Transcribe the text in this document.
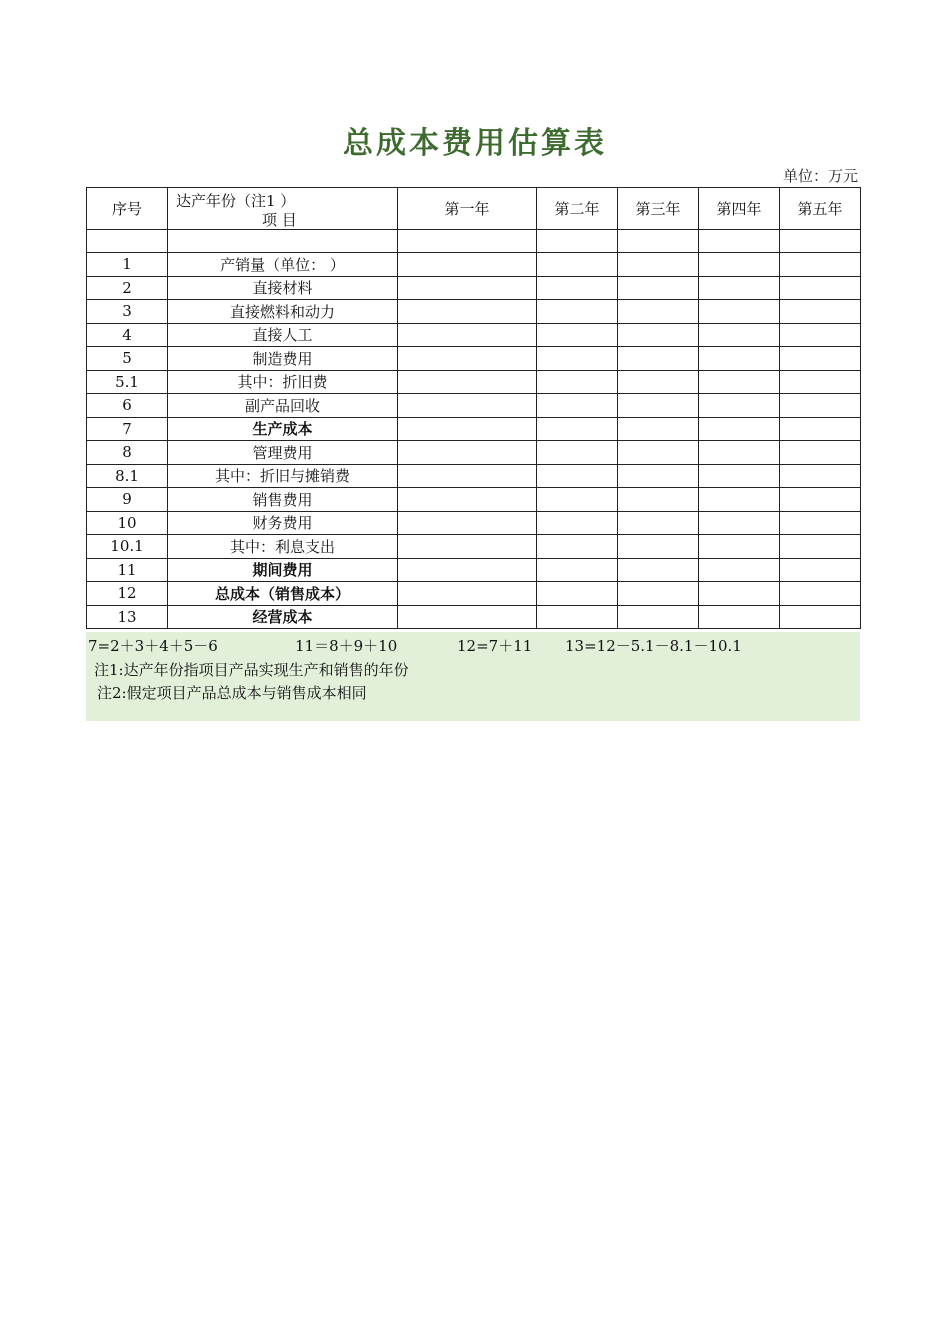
总成本费用估算表
单位：万元
序号	达产年份（注1 ）
项 目	第一年	第二年	第三年	第四年	第五年

1	产销量（单位： ）					
2	直接材料					
3	直接燃料和动力					
4	直接人工					
5	制造费用					
5.1	其中：折旧费					
6	副产品回收					
7	生产成本					
8	管理费用					
8.1	其中：折旧与摊销费					
9	销售费用					
10	财务费用					
10.1	其中：利息支出					
11	期间费用					
12	总成本（销售成本）					
13	经营成本					
7=2＋3＋4＋5－6	11＝8＋9＋10	12=7＋11 13=12－5.1－8.1－10.1
注1:达产年份指项目产品实现生产和销售的年份
注2:假定项目产品总成本与销售成本相同
